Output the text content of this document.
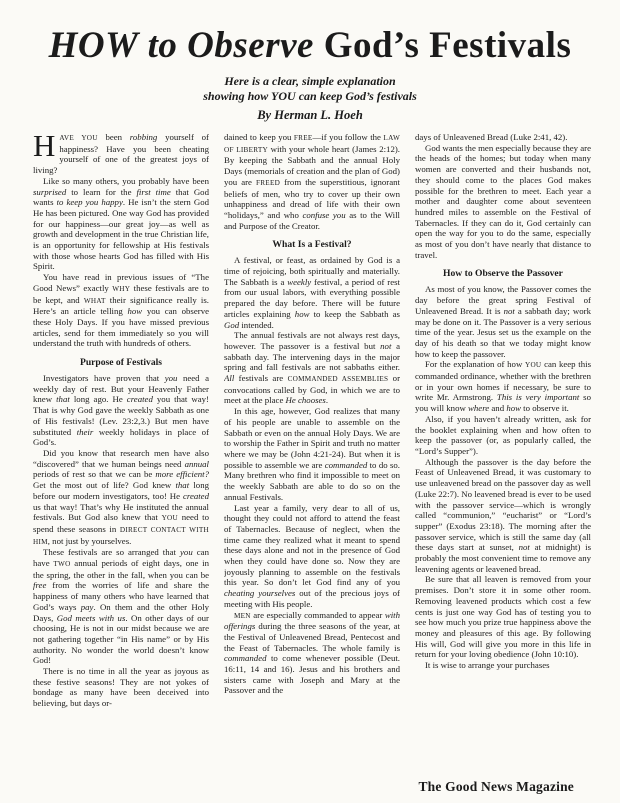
HOW to Observe God’s Festivals
Here is a clear, simple explanation
showing how YOU can keep God’s festivals
By Herman L. Hoeh

HAVE YOU been robbing yourself of happiness? Have you been cheating yourself of one of the greatest joys of living?

Like so many others, you probably have been surprised to learn for the first time that God wants to keep you happy. He isn’t the stern God He has been pictured. One way God has provided for our happiness—our great joy—as well as growth and development in the true Christian life, is an opportunity for fellowship at His festivals with those whose hearts God has filled with His Spirit.

You have read in previous issues of “The Good News” exactly WHY these festivals are to be kept, and WHAT their significance really is. Here’s an article telling how you can observe these Holy Days. If you have missed previous articles, send for them immediately so you will understand the truth with hundreds of others.

Purpose of Festivals

Investigators have proven that you need a weekly day of rest. But your Heavenly Father knew that long ago. He created you that way! That is why God gave the weekly Sabbath as one of His festivals! (Lev. 23:2,3.) But men have substituted their weekly holidays in place of God’s.

Did you know that research men have also “discovered” that we human beings need annual periods of rest so that we can be more efficient? Get the most out of life? God knew that long before our modern investigators, too! He created us that way! That’s why He instituted the annual festivals. But God also knew that YOU need to spend these seasons in DIRECT CONTACT WITH HIM, not just by yourselves.

These festivals are so arranged that you can have TWO annual periods of eight days, one in the spring, the other in the fall, when you can be free from the worries of life and share the happiness of many others who have learned that God’s ways pay. On them and the other Holy Days, God meets with us. On other days of our choosing, He is not in our midst because we are not gathering together “in His name” or by His authority. No wonder the world doesn’t know God!

There is no time in all the year as joyous as these festive seasons! They are not yokes of bondage as many have been deceived into believing, but days or-

dained to keep you FREE—if you follow the LAW OF LIBERTY with your whole heart (James 2:12). By keeping the Sabbath and the annual Holy Days (memorials of creation and the plan of God) you are FREED from the superstitious, ignorant beliefs of men, who try to cover up their own unhappiness and dread of life with their own “holidays,” and who confuse you as to the Will and Purpose of the Creator.

What Is a Festival?

A festival, or feast, as ordained by God is a time of rejoicing, both spiritually and materially. The Sabbath is a weekly festival, a period of rest from our usual labors, with everything possible prepared the day before. There will be future articles explaining how to keep the Sabbath as God intended.

The annual festivals are not always rest days, however. The passover is a festival but not a sabbath day. The intervening days in the major spring and fall festivals are not sabbaths either. All festivals are COMMANDED ASSEMBLIES or convocations called by God, in which we are to meet at the place He chooses.

In this age, however, God realizes that many of his people are unable to assemble on the Sabbath or even on the annual Holy Days. We are to worship the Father in Spirit and truth no matter where we may be (John 4:21-24). But when it is possible to assemble we are commanded to do so. Many brethren who find it impossible to meet on the weekly Sabbath are able to do so on the annual Festivals.

Last year a family, very dear to all of us, thought they could not afford to attend the feast of Tabernacles. Because of neglect, when the time came they realized what it meant to spend these days alone and not in the presence of God when they could have done so. Now they are joyously planning to assemble on the festivals this year. So don’t let God find any of you cheating yourselves out of the precious joys of meeting with His people.

MEN are especially commanded to appear with offerings during the three seasons of the year, at the Festival of Unleavened Bread, Pentecost and the Feast of Tabernacles. The whole family is commanded to come whenever possible (Deut. 16:11, 14 and 16). Jesus and his brothers and sisters came with Joseph and Mary at the Passover and the

days of Unleavened Bread (Luke 2:41, 42).

God wants the men especially because they are the heads of the homes; but today when many women are converted and their husbands not, they should come to the places God makes possible for the brethren to meet. Each year a mother and daughter come about seventeen hundred miles to assemble on the Festival of Tabernacles. If they can do it, God certainly can open the way for you to do the same, especially as most of you don’t have nearly that distance to travel.

How to Observe the Passover

As most of you know, the Passover comes the day before the great spring Festival of Unleavened Bread. It is not a sabbath day; work may be done on it. The Passover is a very serious time of the year. Jesus set us the example on the day of his death so that we today might know how to keep the passover.

For the explanation of how YOU can keep this commanded ordinance, whether with the brethren or in your own homes if necessary, be sure to write Mr. Armstrong. This is very important so you will know where and how to observe it.

Also, if you haven’t already written, ask for the booklet explaining when and how often to keep the passover (or, as popularly called, the “Lord’s Supper”).

Although the passover is the day before the Feast of Unleavened Bread, it was customary to use unleavened bread on the passover day as well (Luke 22:7). No leavened bread is ever to be used with the passover service—which is wrongly called “communion,” “eucharist” or “Lord’s supper” (Exodus 23:18). The morning after the passover service, which is still the same day (all these days start at sunset, not at midnight) is probably the most convenient time to remove any leavening agents or leavened bread.

Be sure that all leaven is removed from your premises. Don’t store it in some other room. Removing leavened products which cost a few cents is just one way God has of testing you to see how much you prize true happiness above the money and pleasures of this age. By following His will, God will give you more in this life in return for your loving obedience (John 10:10).

It is wise to arrange your purchases

The Good News Magazine
